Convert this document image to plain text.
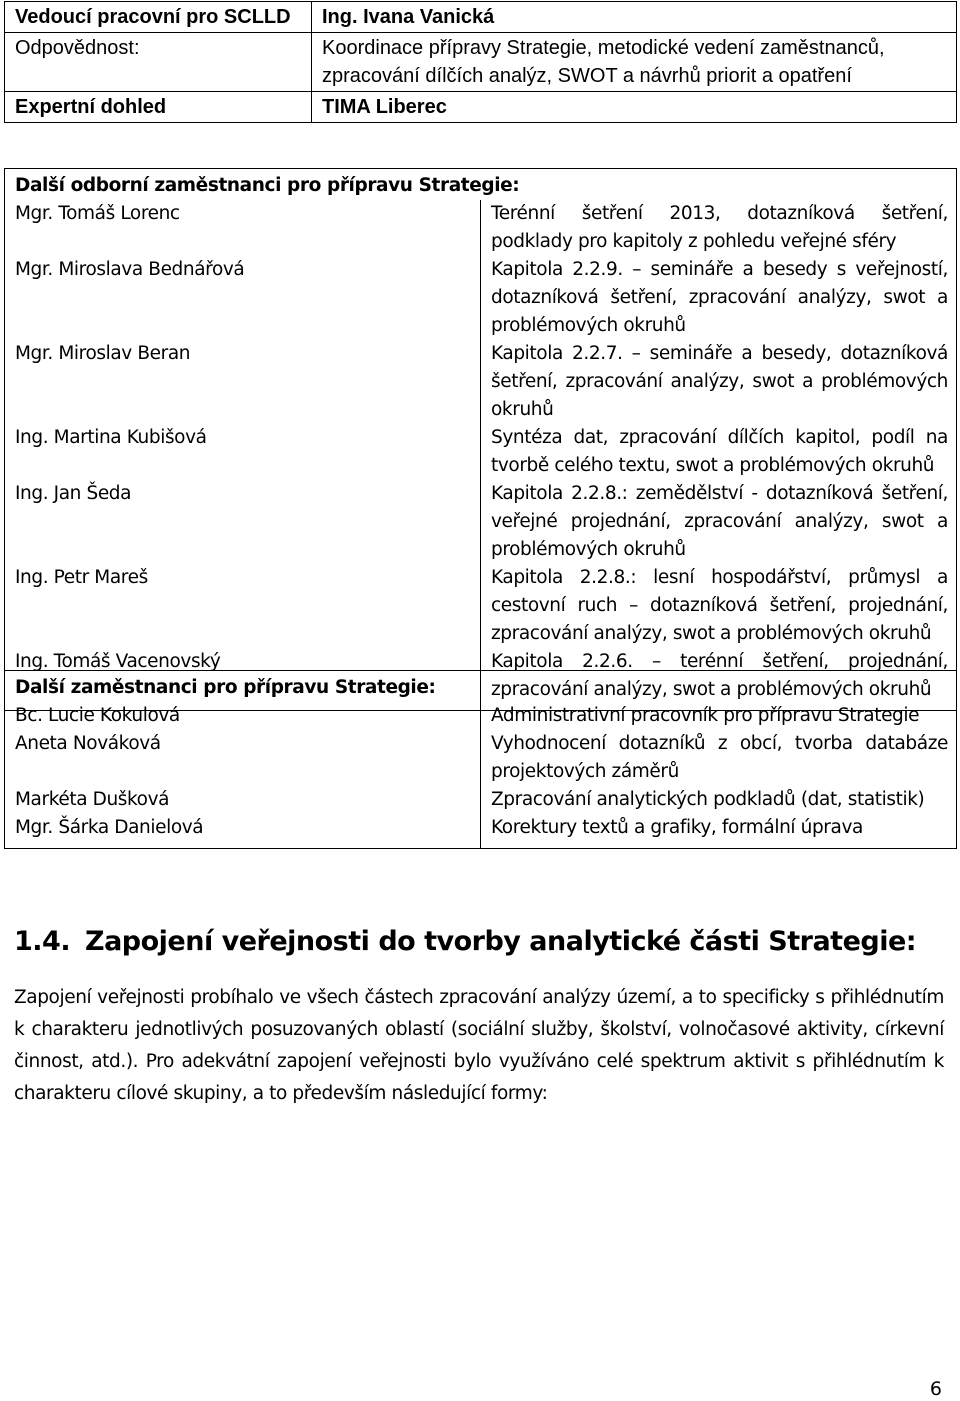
Vedoucí pracovní pro SCLLD	Ing. Ivana Vanická
Odpovědnost:	Koordinace přípravy Strategie, metodické vedení zaměstnanců, zpracování dílčích analýz, SWOT a návrhů priorit a opatření
Expertní dohled	TIMA Liberec
Další odborní zaměstnanci pro přípravu Strategie:	
Mgr. Tomáš Lorenc	Terénní šetření 2013, dotazníková šetření, podklady pro kapitoly z pohledu veřejné sféry
Mgr. Miroslava Bednářová	Kapitola 2.2.9. – semináře a besedy s veřejností, dotazníková šetření, zpracování analýzy, swot a problémových okruhů
Mgr. Miroslav Beran	Kapitola 2.2.7. – semináře a besedy, dotazníková šetření, zpracování analýzy, swot a problémových okruhů
Ing. Martina Kubišová	Syntéza dat, zpracování dílčích kapitol, podíl na tvorbě celého textu, swot a problémových okruhů
Ing. Jan Šeda	Kapitola 2.2.8.: zemědělství - dotazníková šetření, veřejné projednání, zpracování analýzy, swot a problémových okruhů
Ing. Petr Mareš	Kapitola 2.2.8.: lesní hospodářství, průmysl a cestovní ruch – dotazníková šetření, projednání, zpracování analýzy, swot a problémových okruhů
Ing. Tomáš Vacenovský	Kapitola 2.2.6. – terénní šetření, projednání, zpracování analýzy, swot a problémových okruhů
Další zaměstnanci pro přípravu Strategie:	
Bc. Lucie Kokulová	Administrativní pracovník pro přípravu Strategie
Aneta Nováková	Vyhodnocení dotazníků z obcí, tvorba databáze projektových záměrů
Markéta Dušková	Zpracování analytických podkladů (dat, statistik)
Mgr. Šárka Danielová	Korektury textů a grafiky, formální úprava
1.4. Zapojení veřejnosti do tvorby analytické části Strategie:

Zapojení veřejnosti probíhalo ve všech částech zpracování analýzy území, a to specificky s přihlédnutím k charakteru jednotlivých posuzovaných oblastí (sociální služby, školství, volnočasové aktivity, církevní činnost, atd.). Pro adekvátní zapojení veřejnosti bylo využíváno celé spektrum aktivit s přihlédnutím k charakteru cílové skupiny, a to především následující formy:

6
